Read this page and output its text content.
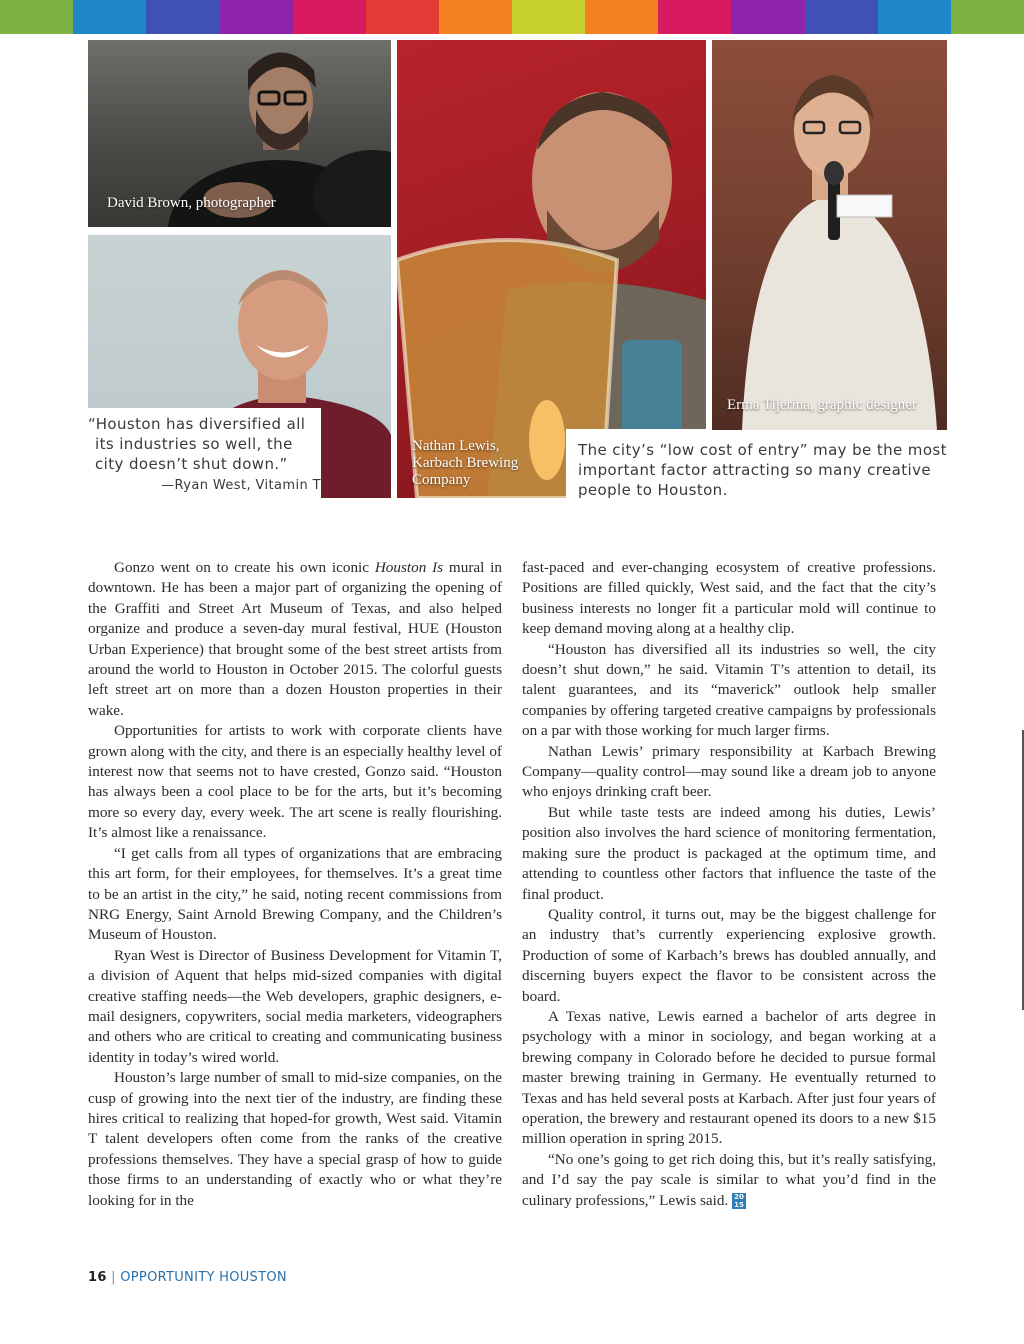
David Brown, photographer
“Houston has diversified all
its industries so well, the
city doesn’t shut down.”
—Ryan West, Vitamin T
Nathan Lewis,
Karbach Brewing
Company
Erma Tijerina, graphic designer
The city’s “low cost of entry” may be the most
important factor attracting so many creative
people to Houston.

Gonzo went on to create his own iconic Houston Is mural in downtown. He has been a major part of organizing the opening of the Graffiti and Street Art Museum of Texas, and also helped organize and produce a seven-day mural festival, HUE (Houston Urban Experience) that brought some of the best street artists from around the world to Houston in October 2015. The colorful guests left street art on more than a dozen Houston properties in their wake.

Opportunities for artists to work with corporate clients have grown along with the city, and there is an especially healthy level of interest now that seems not to have crested, Gonzo said. “Houston has always been a cool place to be for the arts, but it’s becoming more so every day, every week. The art scene is really flourishing. It’s almost like a renaissance.

“I get calls from all types of organizations that are embracing this art form, for their employees, for themselves. It’s a great time to be an artist in the city,” he said, noting recent commissions from NRG Energy, Saint Arnold Brewing Company, and the Children’s Museum of Houston.

Ryan West is Director of Business Development for Vitamin T, a division of Aquent that helps mid-sized companies with digital creative staffing needs—the Web developers, graphic designers, e-mail designers, copywriters, social media marketers, videographers and others who are critical to creating and communicating business identity in today’s wired world.

Houston’s large number of small to mid-size companies, on the cusp of growing into the next tier of the industry, are finding these hires critical to realizing that hoped-for growth, West said. Vitamin T talent developers often come from the ranks of the creative professions themselves. They have a special grasp of how to guide those firms to an understanding of exactly who or what they’re looking for in the

fast-paced and ever-changing ecosystem of creative professions. Positions are filled quickly, West said, and the fact that the city’s business interests no longer fit a particular mold will continue to keep demand moving along at a healthy clip.

“Houston has diversified all its industries so well, the city doesn’t shut down,” he said. Vitamin T’s attention to detail, its talent guarantees, and its “maverick” outlook help smaller companies by offering targeted creative campaigns by professionals on a par with those working for much larger firms.

Nathan Lewis’ primary responsibility at Karbach Brewing Company—quality control—may sound like a dream job to anyone who enjoys drinking craft beer.

But while taste tests are indeed among his duties, Lewis’ position also involves the hard science of monitoring fermentation, making sure the product is packaged at the optimum time, and attending to countless other factors that influence the taste of the final product.

Quality control, it turns out, may be the biggest challenge for an industry that’s currently experiencing explosive growth. Production of some of Karbach’s brews has doubled annually, and discerning buyers expect the flavor to be consistent across the board.

A Texas native, Lewis earned a bachelor of arts degree in psychology with a minor in sociology, and began working at a brewing company in Colorado before he decided to pursue formal master brewing training in Germany. He eventually returned to Texas and has held several posts at Karbach. After just four years of operation, the brewery and restaurant opened its doors to a new $15 million operation in spring 2015.

“No one’s going to get rich doing this, but it’s really satisfying, and I’d say the pay scale is similar to what you’d find in the culinary professions,” Lewis said. 20
15

16 | OPPORTUNITY HOUSTON
